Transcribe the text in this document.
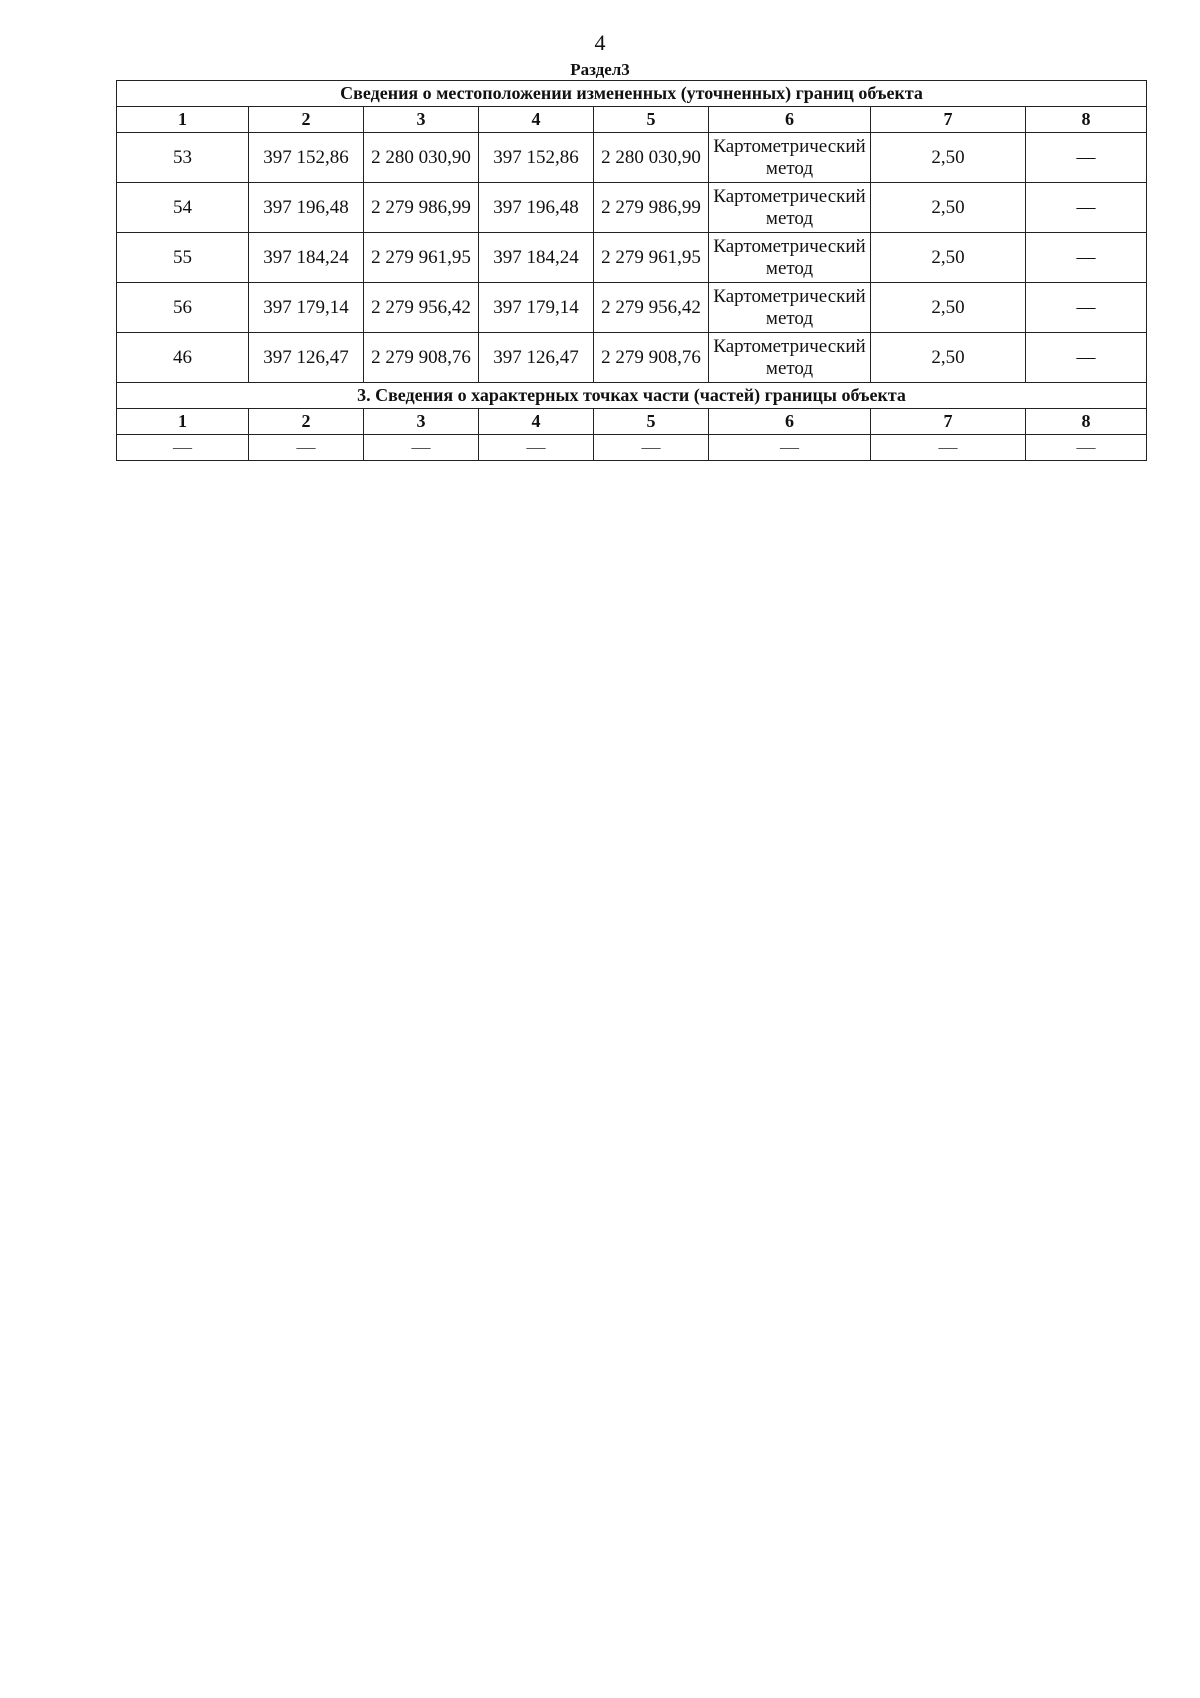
4
Раздел3
Сведения о местоположении измененных (уточненных) границ объекта							
1	2	3	4	5	6	7	8
53	397 152,86	2 280 030,90	397 152,86	2 280 030,90	Картометрический метод	2,50	—
54	397 196,48	2 279 986,99	397 196,48	2 279 986,99	Картометрический метод	2,50	—
55	397 184,24	2 279 961,95	397 184,24	2 279 961,95	Картометрический метод	2,50	—
56	397 179,14	2 279 956,42	397 179,14	2 279 956,42	Картометрический метод	2,50	—
46	397 126,47	2 279 908,76	397 126,47	2 279 908,76	Картометрический метод	2,50	—
3. Сведения о характерных точках части (частей) границы объекта							
1	2	3	4	5	6	7	8
—	—	—	—	—	—	—	—
